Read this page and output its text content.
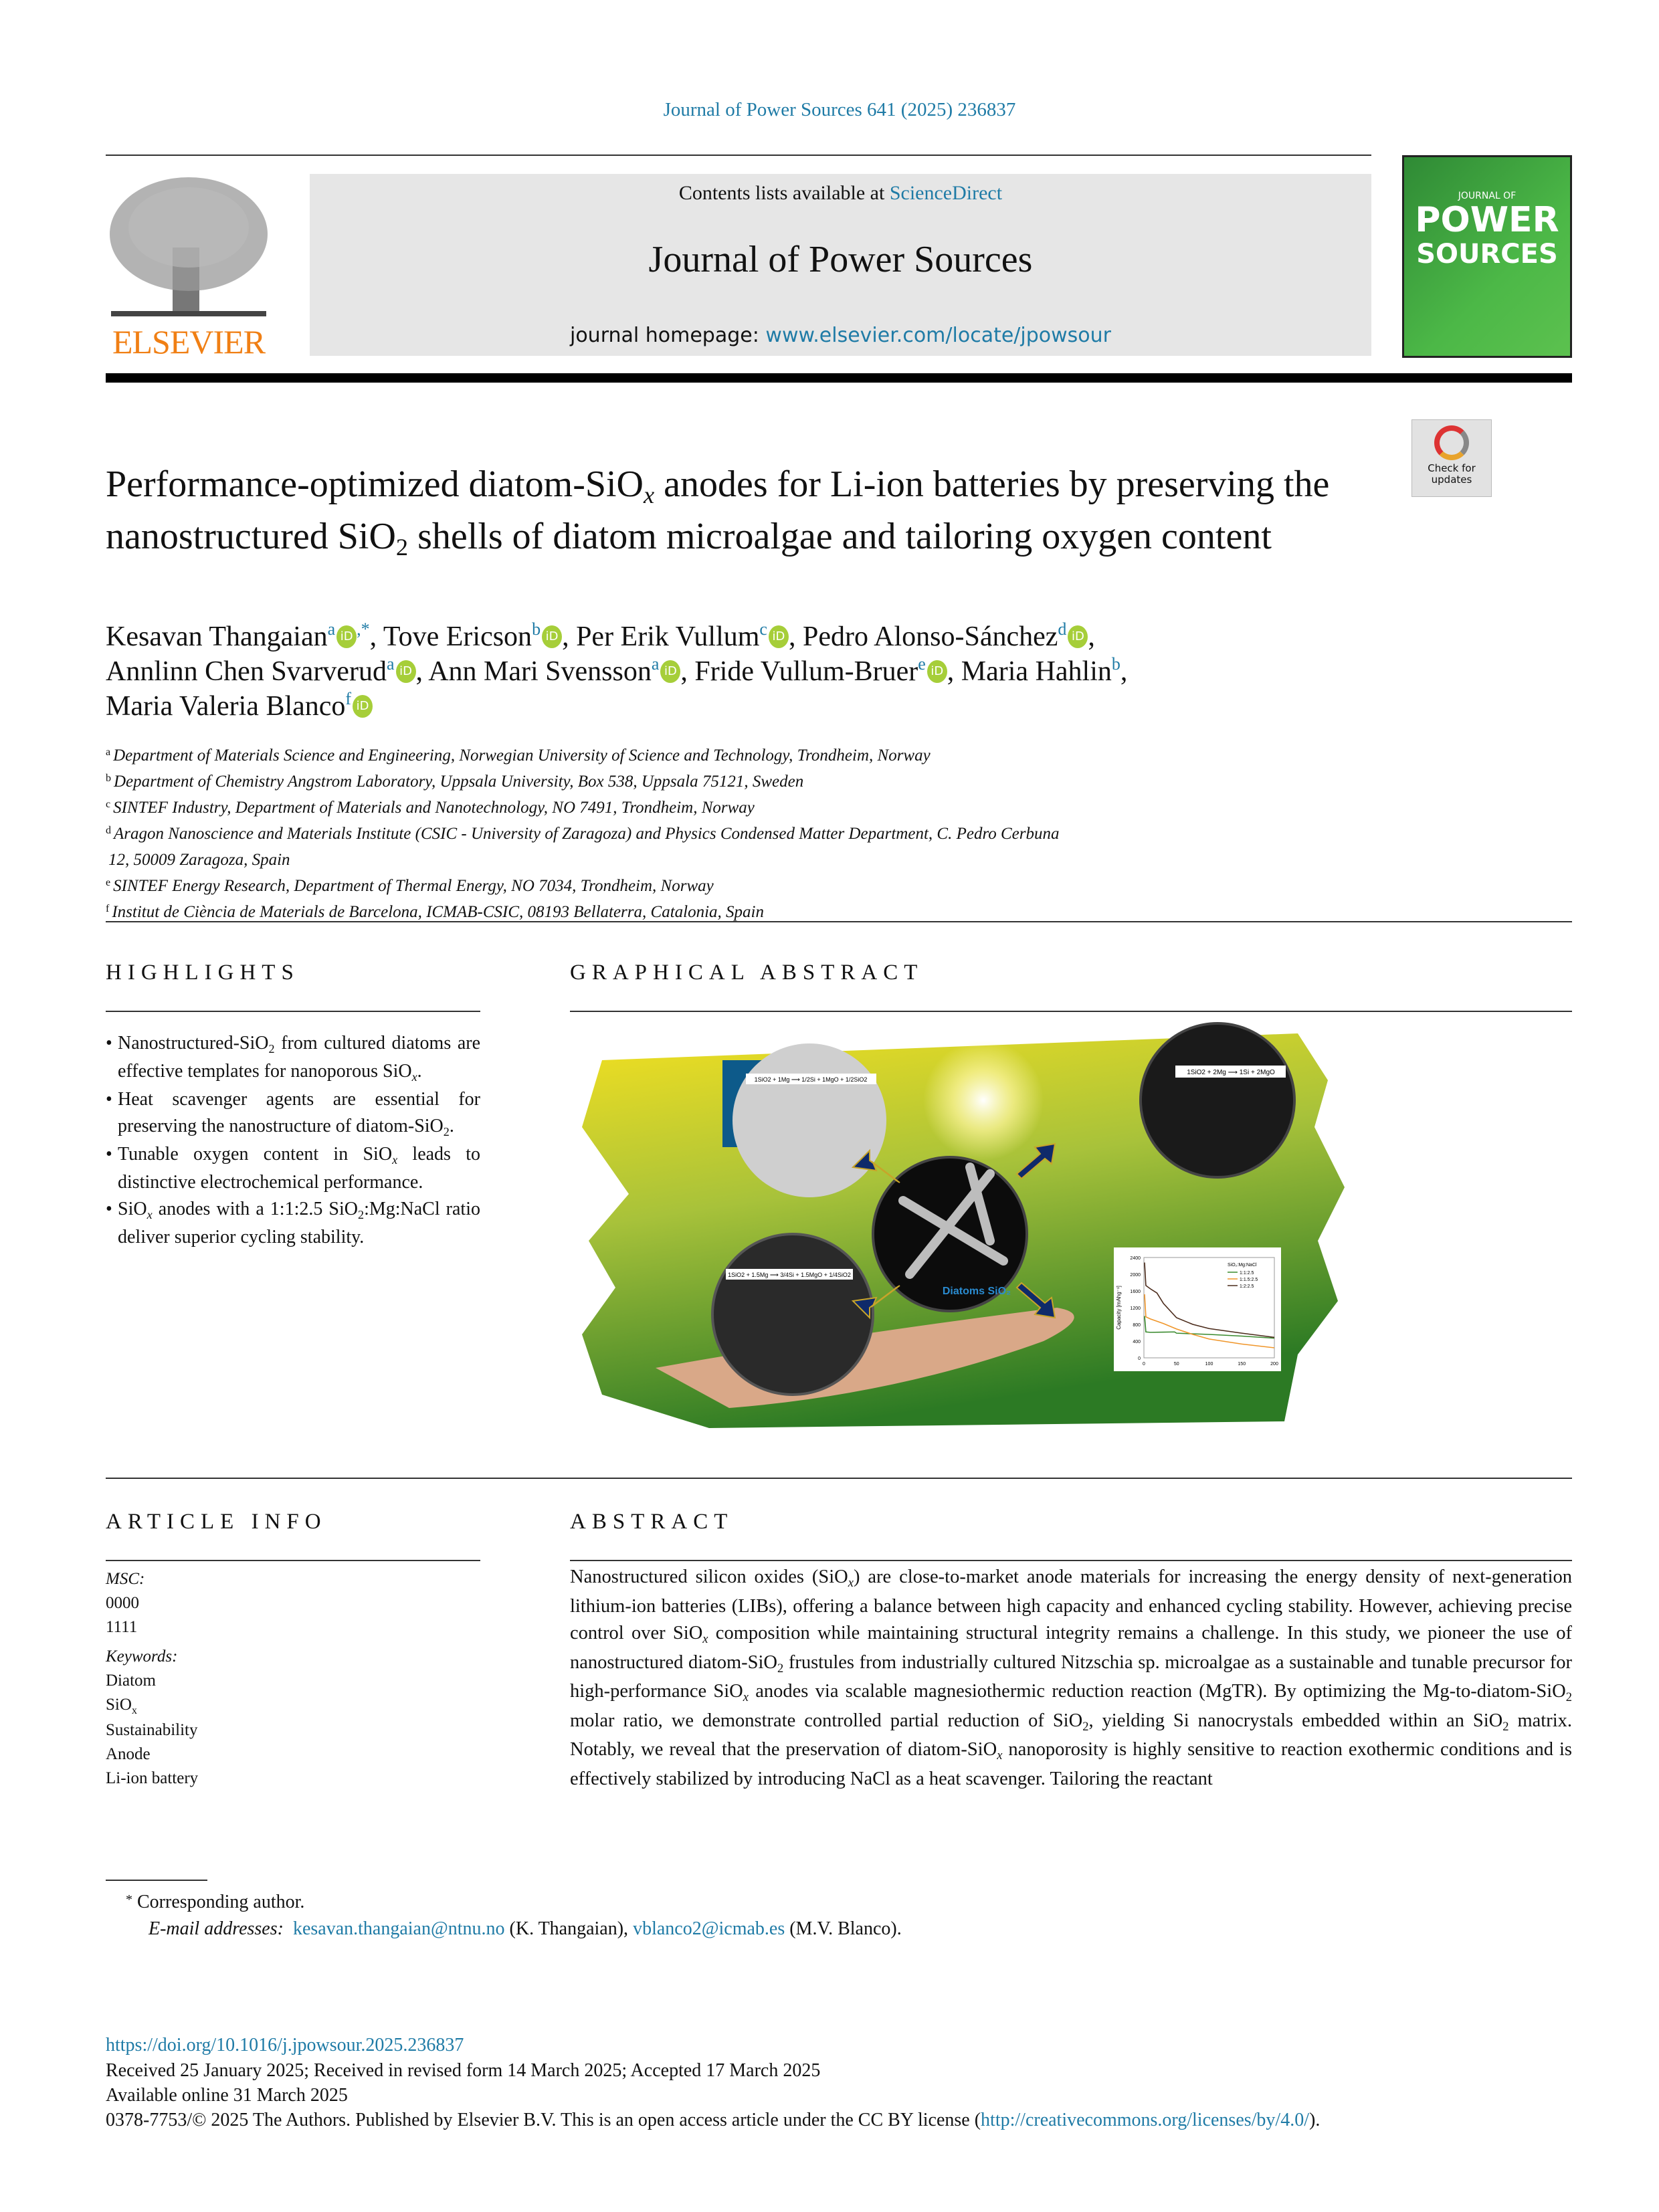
Journal of Power Sources 641 (2025) 236837
ELSEVIER
Contents lists available at ScienceDirect
Journal of Power Sources
journal homepage: www.elsevier.com/locate/jpowsour
JOURNAL OF
POWER
SOURCES
Check for updates
Performance-optimized diatom-SiO$_x$ anodes for Li-ion batteries by preserving the nanostructured SiO$_2$ shells of diatom microalgae and tailoring oxygen content
Kesavan Thangaian$^a$ iD ,*, Tove Ericson$^b$ iD , Per Erik Vullum$^c$ iD , Pedro Alonso-Sánchez$^d$ iD ,
Annlinn Chen Svarverud$^a$ iD , Ann Mari Svensson$^a$ iD , Fride Vullum-Bruer$^e$ iD , Maria Hahlin$^b$,
Maria Valeria Blanco$^f$ iD
$^a$ Department of Materials Science and Engineering, Norwegian University of Science and Technology, Trondheim, Norway
$^b$ Department of Chemistry Angstrom Laboratory, Uppsala University, Box 538, Uppsala 75121, Sweden
$^c$ SINTEF Industry, Department of Materials and Nanotechnology, NO 7491, Trondheim, Norway
$^d$ Aragon Nanoscience and Materials Institute (CSIC - University of Zaragoza) and Physics Condensed Matter Department, C. Pedro Cerbuna
12, 50009 Zaragoza, Spain
$^e$ SINTEF Energy Research, Department of Thermal Energy, NO 7034, Trondheim, Norway
$^f$ Institut de Ciència de Materials de Barcelona, ICMAB-CSIC, 08193 Bellaterra, Catalonia, Spain
HIGHLIGHTS
• Nanostructured-SiO$_2$ from cultured diatoms are effective templates for nanoporous SiO$_x$.
• Heat scavenger agents are essential for preserving the nanostructure of diatom-SiO$_2$.
• Tunable oxygen content in SiO$_x$ leads to distinctive electrochemical performance.
• SiO$_x$ anodes with a 1:1:2.5 SiO$_2$:Mg:NaCl ratio deliver superior cycling stability.
GRAPHICAL ABSTRACT
1SiO2 + 1Mg ⟶ 1/2Si + 1MgO + 1/2SiO2
1SiO2 + 1.5Mg ⟶ 3/4Si + 1.5MgO + 1/4SiO2
Diatoms SiO₂
1SiO2 + 2Mg ⟶ 1Si + 2MgO
0
400
800
1200
1600
2000
2400
0	50	100	150	200
Capacity [mAhg⁻¹]
SiO₂:Mg:NaCl
1:1:2.5
1:1.5:2.5
1:2:2.5
ARTICLE INFO
MSC:
0000
1111
Keywords:
Diatom
SiO$_x$
Sustainability
Anode
Li-ion battery
ABSTRACT
Nanostructured silicon oxides (SiO$_x$) are close-to-market anode materials for increasing the energy density of next-generation lithium-ion batteries (LIBs), offering a balance between high capacity and enhanced cycling stability. However, achieving precise control over SiO$_x$ composition while maintaining structural integrity remains a challenge. In this study, we pioneer the use of nanostructured diatom-SiO$_2$ frustules from industrially cultured Nitzschia sp. microalgae as a sustainable and tunable precursor for high-performance SiO$_x$ anodes via scalable magnesiothermic reduction reaction (MgTR). By optimizing the Mg-to-diatom-SiO$_2$ molar ratio, we demonstrate controlled partial reduction of SiO$_2$, yielding Si nanocrystals embedded within an SiO$_2$ matrix. Notably, we reveal that the preservation of diatom-SiO$_x$ nanoporosity is highly sensitive to reaction exothermic conditions and is effectively stabilized by introducing NaCl as a heat scavenger. Tailoring the reactant
* Corresponding author.
E-mail addresses: kesavan.thangaian@ntnu.no (K. Thangaian), vblanco2@icmab.es (M.V. Blanco).
https://doi.org/10.1016/j.jpowsour.2025.236837
Received 25 January 2025; Received in revised form 14 March 2025; Accepted 17 March 2025
Available online 31 March 2025
0378-7753/© 2025 The Authors. Published by Elsevier B.V. This is an open access article under the CC BY license (http://creativecommons.org/licenses/by/4.0/).
